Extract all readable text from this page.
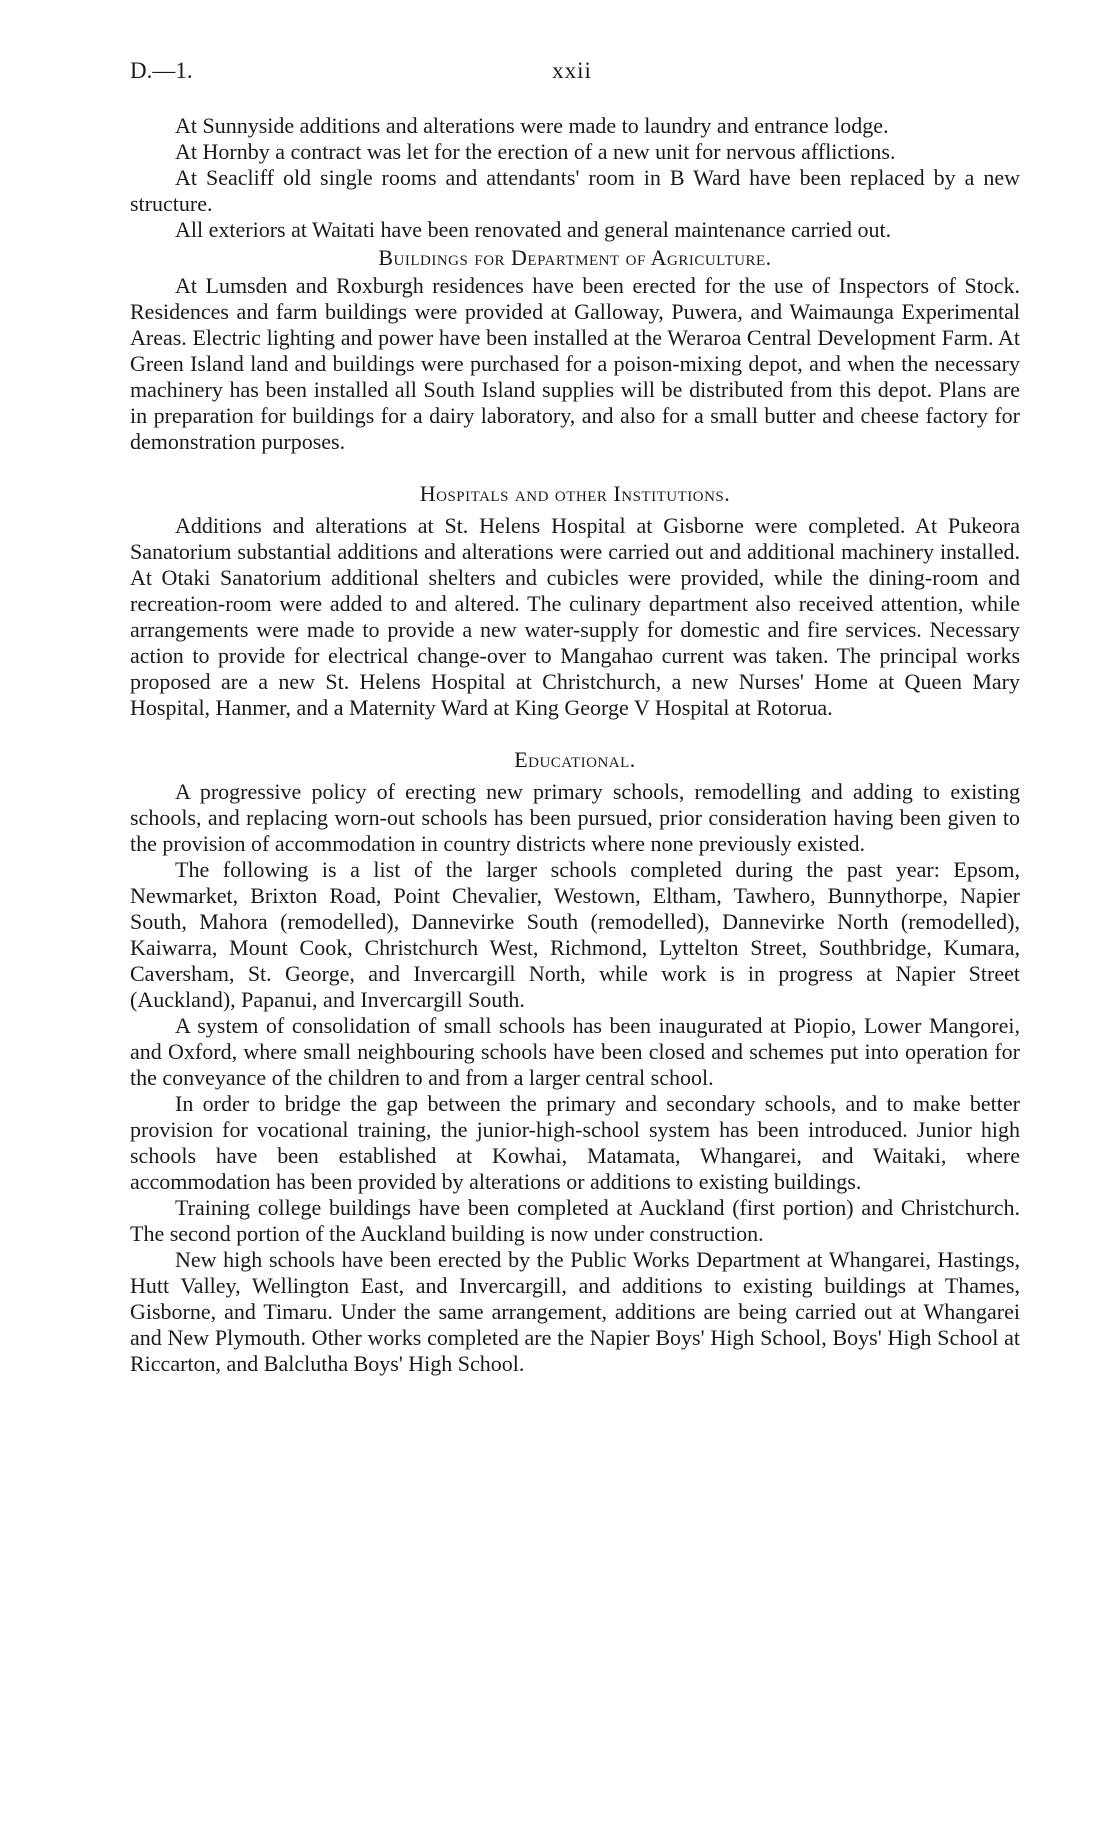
D.—1.	xxii

At Sunnyside additions and alterations were made to laundry and entrance lodge.

At Hornby a contract was let for the erection of a new unit for nervous afflictions.

At Seacliff old single rooms and attendants' room in B Ward have been replaced by a new structure.

All exteriors at Waitati have been renovated and general maintenance carried out.

Buildings for Department of Agriculture.

At Lumsden and Roxburgh residences have been erected for the use of Inspectors of Stock. Residences and farm buildings were provided at Galloway, Puwera, and Waimaunga Experimental Areas. Electric lighting and power have been installed at the Weraroa Central Development Farm. At Green Island land and buildings were purchased for a poison-mixing depot, and when the necessary machinery has been installed all South Island supplies will be distributed from this depot. Plans are in preparation for buildings for a dairy laboratory, and also for a small butter and cheese factory for demonstration purposes.

Hospitals and other Institutions.

Additions and alterations at St. Helens Hospital at Gisborne were completed. At Pukeora Sanatorium substantial additions and alterations were carried out and additional machinery installed. At Otaki Sanatorium additional shelters and cubicles were provided, while the dining-room and recreation-room were added to and altered. The culinary department also received attention, while arrangements were made to provide a new water-supply for domestic and fire services. Necessary action to provide for electrical change-over to Mangahao current was taken. The principal works proposed are a new St. Helens Hospital at Christchurch, a new Nurses' Home at Queen Mary Hospital, Hanmer, and a Maternity Ward at King George V Hospital at Rotorua.

Educational.

A progressive policy of erecting new primary schools, remodelling and adding to existing schools, and replacing worn-out schools has been pursued, prior consideration having been given to the provision of accommodation in country districts where none previously existed.

The following is a list of the larger schools completed during the past year: Epsom, Newmarket, Brixton Road, Point Chevalier, Westown, Eltham, Tawhero, Bunnythorpe, Napier South, Mahora (remodelled), Dannevirke South (remodelled), Dannevirke North (remodelled), Kaiwarra, Mount Cook, Christchurch West, Richmond, Lyttelton Street, Southbridge, Kumara, Caversham, St. George, and Invercargill North, while work is in progress at Napier Street (Auckland), Papanui, and Invercargill South.

A system of consolidation of small schools has been inaugurated at Piopio, Lower Mangorei, and Oxford, where small neighbouring schools have been closed and schemes put into operation for the conveyance of the children to and from a larger central school.

In order to bridge the gap between the primary and secondary schools, and to make better provision for vocational training, the junior-high-school system has been introduced. Junior high schools have been established at Kowhai, Matamata, Whangarei, and Waitaki, where accommodation has been provided by alterations or additions to existing buildings.

Training college buildings have been completed at Auckland (first portion) and Christchurch. The second portion of the Auckland building is now under construction.

New high schools have been erected by the Public Works Department at Whangarei, Hastings, Hutt Valley, Wellington East, and Invercargill, and additions to existing buildings at Thames, Gisborne, and Timaru. Under the same arrangement, additions are being carried out at Whangarei and New Plymouth. Other works completed are the Napier Boys' High School, Boys' High School at Riccarton, and Balclutha Boys' High School.
